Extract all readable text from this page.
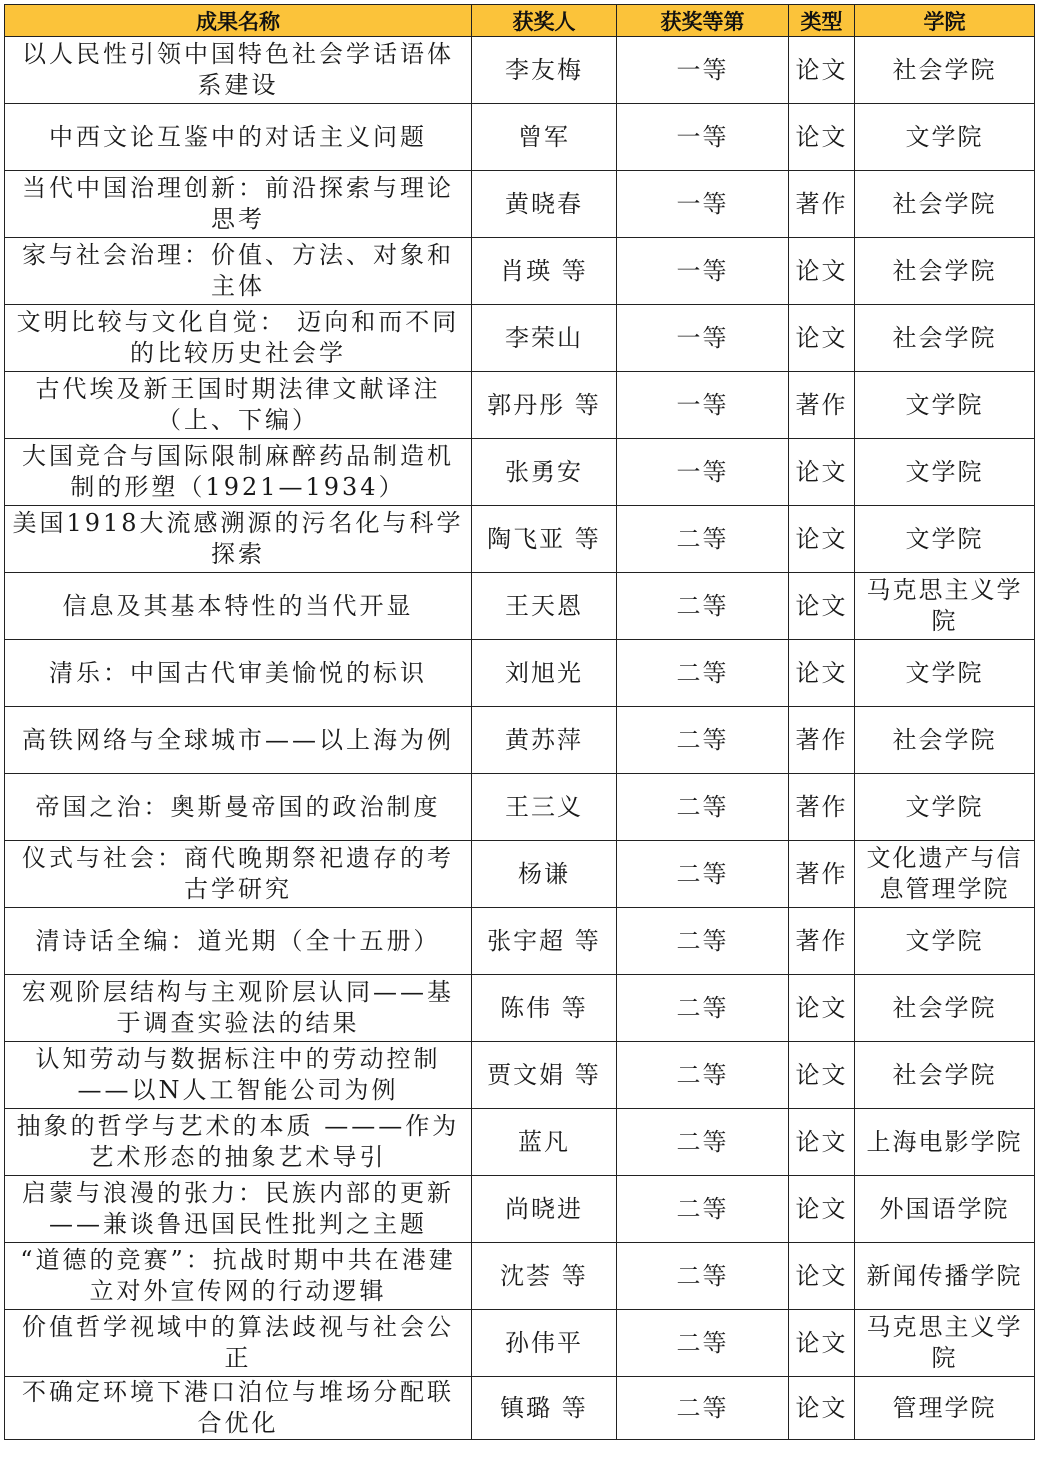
成果名称	获奖人	获奖等第	类型	学院
以人民性引领中国特色社会学话语体系建设	李友梅	一等	论文	社会学院
中西文论互鉴中的对话主义问题	曾军	一等	论文	文学院
当代中国治理创新：前沿探索与理论思考	黄晓春	一等	著作	社会学院
家与社会治理：价值、方法、对象和主体	肖瑛 等	一等	论文	社会学院
文明比较与文化自觉： 迈向和而不同的比较历史社会学	李荣山	一等	论文	社会学院
古代埃及新王国时期法律文献译注（上、下编）	郭丹彤 等	一等	著作	文学院
大国竞合与国际限制麻醉药品制造机制的形塑（1921—1934）	张勇安	一等	论文	文学院
美国1918大流感溯源的污名化与科学探索	陶飞亚 等	二等	论文	文学院
信息及其基本特性的当代开显	王天恩	二等	论文	马克思主义学院
清乐：中国古代审美愉悦的标识	刘旭光	二等	论文	文学院
高铁网络与全球城市——以上海为例	黄苏萍	二等	著作	社会学院
帝国之治：奥斯曼帝国的政治制度	王三义	二等	著作	文学院
仪式与社会：商代晚期祭祀遗存的考古学研究	杨谦	二等	著作	文化遗产与信息管理学院
清诗话全编：道光期（全十五册）	张宇超 等	二等	著作	文学院
宏观阶层结构与主观阶层认同——基于调查实验法的结果	陈伟 等	二等	论文	社会学院
认知劳动与数据标注中的劳动控制——以N人工智能公司为例	贾文娟 等	二等	论文	社会学院
抽象的哲学与艺术的本质 ———作为艺术形态的抽象艺术导引	蓝凡	二等	论文	上海电影学院
启蒙与浪漫的张力：民族内部的更新——兼谈鲁迅国民性批判之主题	尚晓进	二等	论文	外国语学院
“道德的竞赛”：抗战时期中共在港建立对外宣传网的行动逻辑	沈荟 等	二等	论文	新闻传播学院
价值哲学视域中的算法歧视与社会公正	孙伟平	二等	论文	马克思主义学院
不确定环境下港口泊位与堆场分配联合优化	镇璐 等	二等	论文	管理学院
